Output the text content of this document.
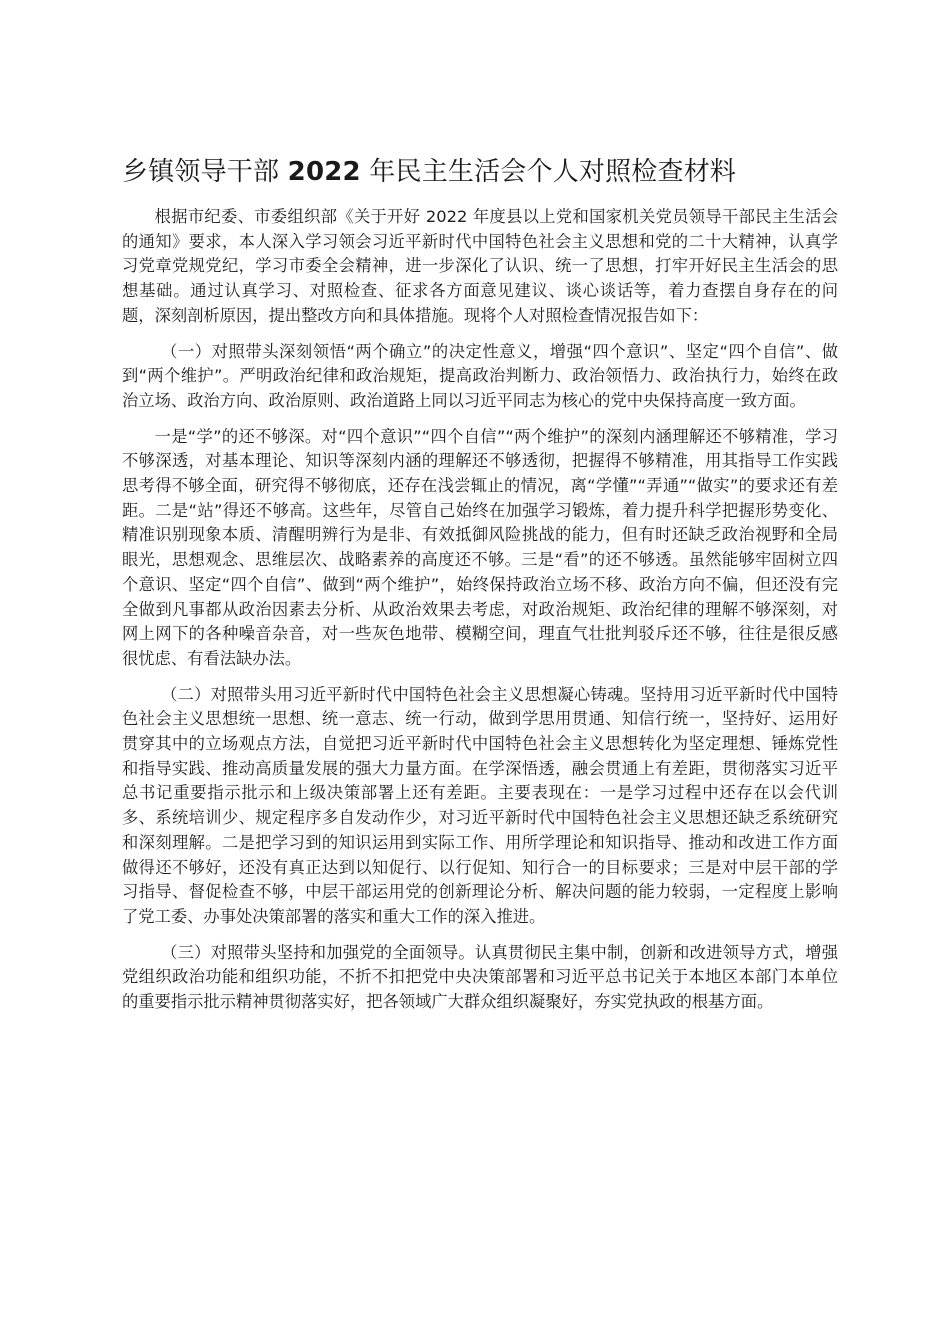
乡镇领导干部 2022 年民主生活会个人对照检查材料

根据市纪委、市委组织部《关于开好 2022 年度县以上党和国家机关党员领导干部民主生活会的通知》要求，本人深入学习领会习近平新时代中国特色社会主义思想和党的二十大精神，认真学习党章党规党纪，学习市委全会精神，进一步深化了认识、统一了思想，打牢开好民主生活会的思想基础。通过认真学习、对照检查、征求各方面意见建议、谈心谈话等，着力查摆自身存在的问题，深刻剖析原因，提出整改方向和具体措施。现将个人对照检查情况报告如下：

（一）对照带头深刻领悟“两个确立”的决定性意义，增强“四个意识”、坚定“四个自信”、做到“两个维护”。严明政治纪律和政治规矩，提高政治判断力、政治领悟力、政治执行力，始终在政治立场、政治方向、政治原则、政治道路上同以习近平同志为核心的党中央保持高度一致方面。

一是“学”的还不够深。对“四个意识”“四个自信”“两个维护”的深刻内涵理解还不够精准，学习不够深透，对基本理论、知识等深刻内涵的理解还不够透彻，把握得不够精准，用其指导工作实践思考得不够全面，研究得不够彻底，还存在浅尝辄止的情况，离“学懂”“弄通”“做实”的要求还有差距。二是“站”得还不够高。这些年，尽管自己始终在加强学习锻炼，着力提升科学把握形势变化、精准识别现象本质、清醒明辨行为是非、有效抵御风险挑战的能力，但有时还缺乏政治视野和全局眼光，思想观念、思维层次、战略素养的高度还不够。三是“看”的还不够透。虽然能够牢固树立四个意识、坚定“四个自信”、做到“两个维护”，始终保持政治立场不移、政治方向不偏，但还没有完全做到凡事都从政治因素去分析、从政治效果去考虑，对政治规矩、政治纪律的理解不够深刻，对网上网下的各种噪音杂音，对一些灰色地带、模糊空间，理直气壮批判驳斥还不够，往往是很反感很忧虑、有看法缺办法。

（二）对照带头用习近平新时代中国特色社会主义思想凝心铸魂。坚持用习近平新时代中国特色社会主义思想统一思想、统一意志、统一行动，做到学思用贯通、知信行统一，坚持好、运用好贯穿其中的立场观点方法，自觉把习近平新时代中国特色社会主义思想转化为坚定理想、锤炼党性和指导实践、推动高质量发展的强大力量方面。在学深悟透，融会贯通上有差距，贯彻落实习近平总书记重要指示批示和上级决策部署上还有差距。主要表现在：一是学习过程中还存在以会代训多、系统培训少、规定程序多自发动作少，对习近平新时代中国特色社会主义思想还缺乏系统研究和深刻理解。二是把学习到的知识运用到实际工作、用所学理论和知识指导、推动和改进工作方面做得还不够好，还没有真正达到以知促行、以行促知、知行合一的目标要求；三是对中层干部的学习指导、督促检查不够，中层干部运用党的创新理论分析、解决问题的能力较弱，一定程度上影响了党工委、办事处决策部署的落实和重大工作的深入推进。

（三）对照带头坚持和加强党的全面领导。认真贯彻民主集中制，创新和改进领导方式，增强党组织政治功能和组织功能，不折不扣把党中央决策部署和习近平总书记关于本地区本部门本单位的重要指示批示精神贯彻落实好，把各领域广大群众组织凝聚好，夯实党执政的根基方面。
